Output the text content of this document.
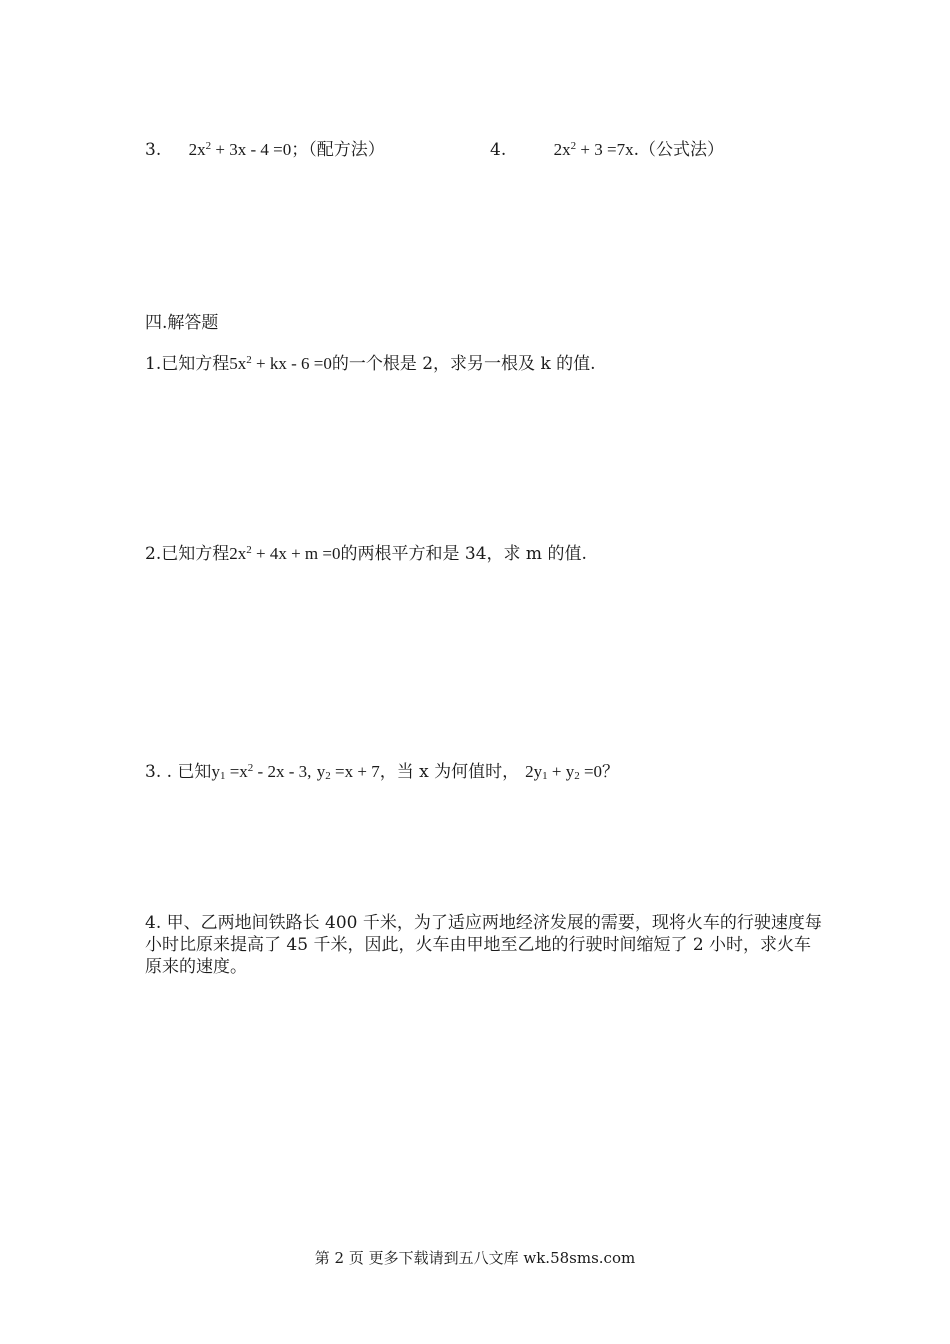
3. $2x^2 + 3x - 4 =0$；（配方法）	4.	$2x^2 + 3 =7x$.（公式法）
四.解答题
1.已知方程$5x^2$ + kx - 6 =0的一个根是 2，求另一根及 k 的值.
2.已知方程$2x^2 + 4x + m =0$的两根平方和是 34，求 m 的值.
3. . 已知$y_1 =x^2 - 2x - 3$, $y_2 =x + 7$，当 x 为何值时， $2y_1 + y_2 =0$？
4. 甲、乙两地间铁路长 400 千米，为了适应两地经济发展的需要，现将火车的行驶速度每小时比原来提高了 45 千米，因此，火车由甲地至乙地的行驶时间缩短了 2 小时，求火车原来的速度。
第 2 页 更多下载请到五八文库 wk.58sms.com
